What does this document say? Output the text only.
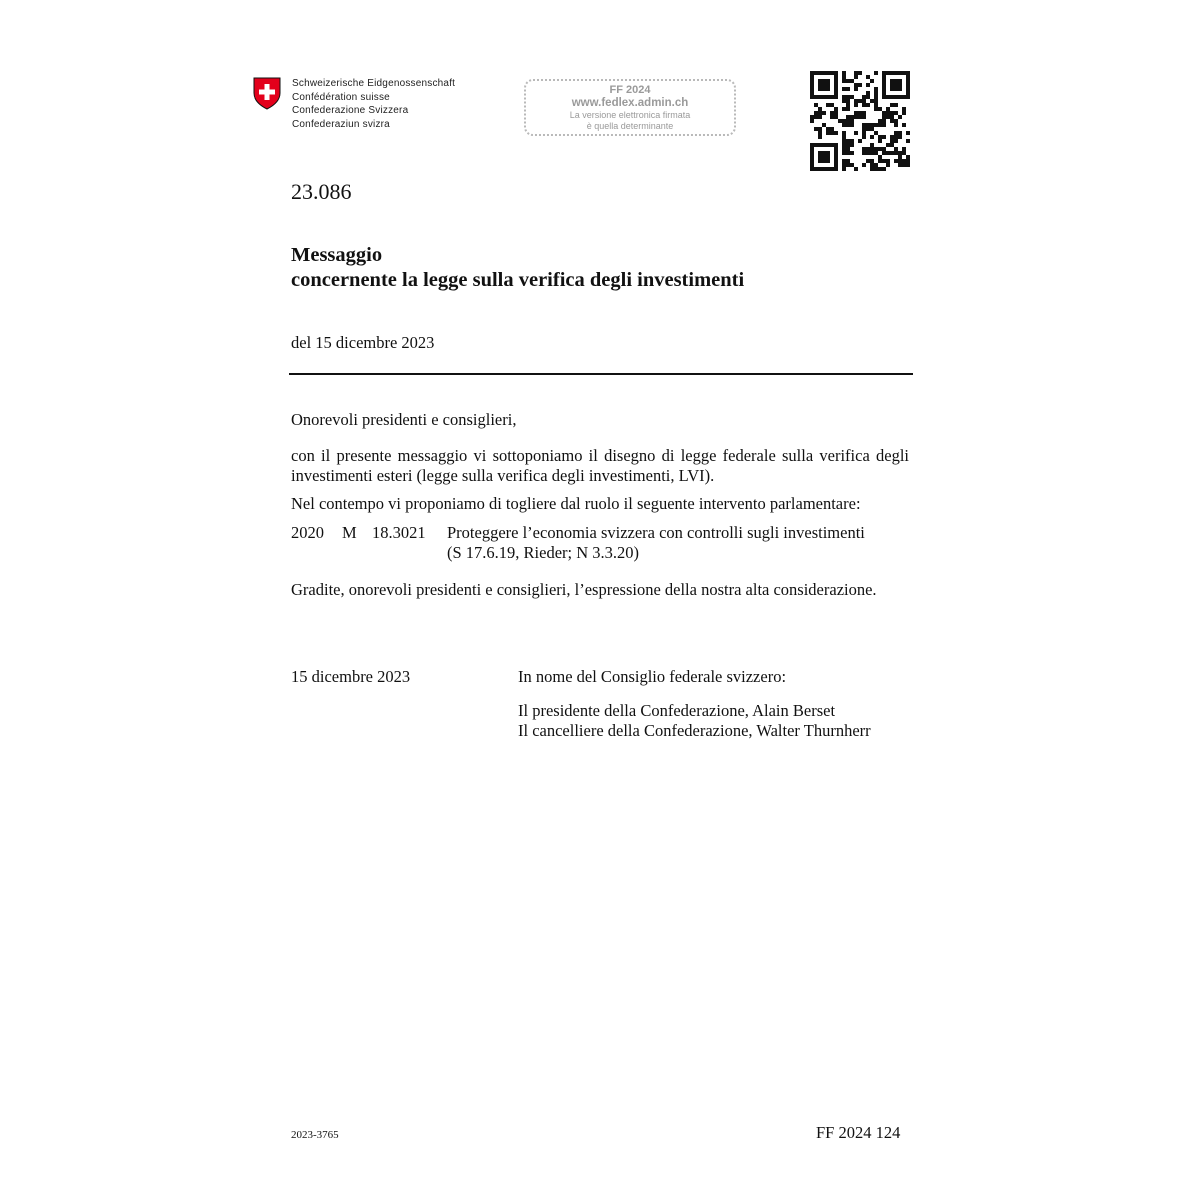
Schweizerische Eidgenossenschaft
Confédération suisse
Confederazione Svizzera
Confederaziun svizra
FF 2024
www.fedlex.admin.ch
La versione elettronica firmata
è quella determinante
23.086
Messaggio
concernente la legge sulla verifica degli investimenti
del 15 dicembre 2023
Onorevoli presidenti e consiglieri,
con il presente messaggio vi sottoponiamo il disegno di legge federale sulla verifica degli investimenti esteri (legge sulla verifica degli investimenti, LVI).
Nel contempo vi proponiamo di togliere dal ruolo il seguente intervento parlamentare:
2020 M 18.3021 Proteggere l’economia svizzera con controlli sugli investimenti
(S 17.6.19, Rieder; N 3.3.20)
Gradite, onorevoli presidenti e consiglieri, l’espressione della nostra alta considerazione.
15 dicembre 2023	In nome del Consiglio federale svizzero:
Il presidente della Confederazione, Alain Berset
Il cancelliere della Confederazione, Walter Thurnherr
2023-3765	FF 2024 124
